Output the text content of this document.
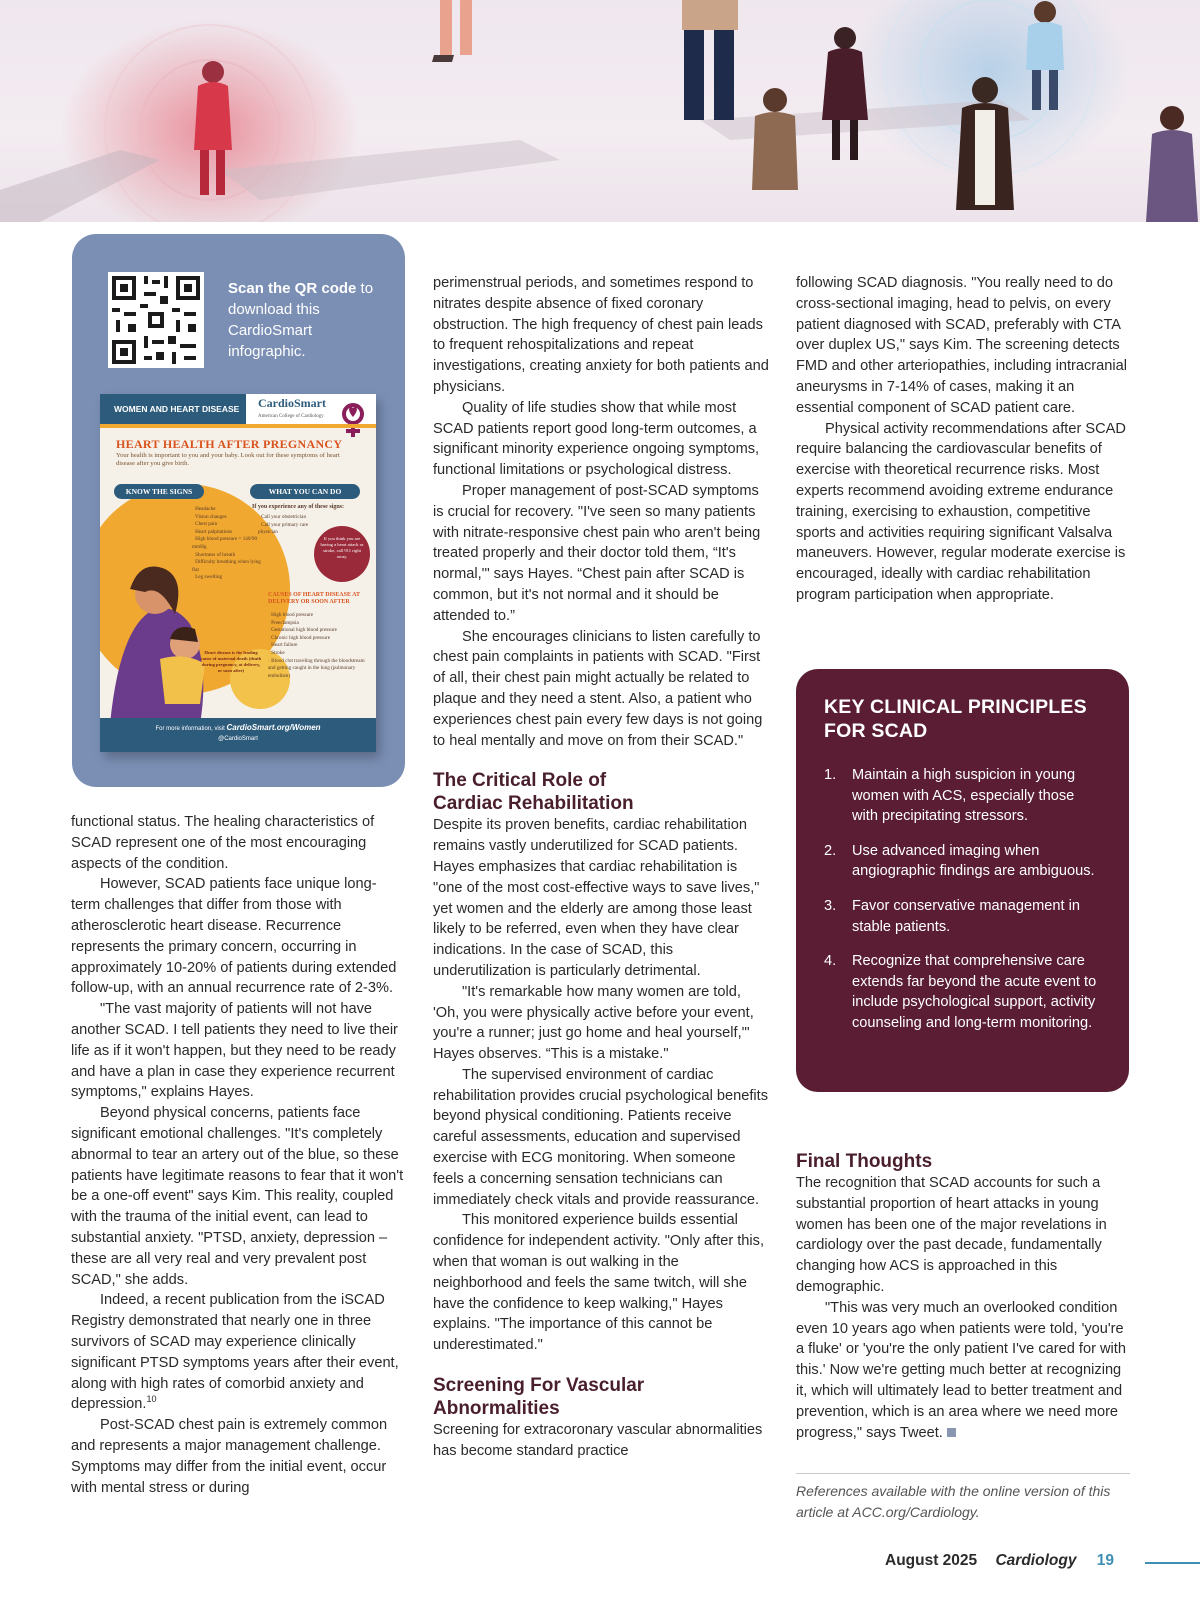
Scan the QR code to download this CardioSmart infographic.
WOMEN AND HEART DISEASE	CardioSmart
American College of Cardiology
HEART HEALTH AFTER PREGNANCY
Your health is important to you and your baby. Look out for these symptoms of heart disease after you give birth.
KNOW THE SIGNS
• Headache
• Vision changes
• Chest pain
• Heart palpitations
• High blood pressure = 140/90 mmHg
• Shortness of breath
• Difficulty breathing when lying flat
• Leg swelling
WHAT YOU CAN DO
If you experience any of these signs:
• Call your obstetrician
• Call your primary care physician
If you think you are having a heart attack or stroke, call 911 right away.
CAUSES OF HEART DISEASE AT DELIVERY OR SOON AFTER
• High blood pressure
• Preeclampsia
• Gestational high blood pressure
• Chronic high blood pressure
• Heart failure
• Stroke
• Blood clot traveling through the bloodstream and getting caught in the lung (pulmonary embolism)
Heart disease is the leading cause of maternal death (death during pregnancy, at delivery, or soon after)
For more information, visit CardioSmart.org/Women
@CardioSmart

functional status. The healing characteristics of SCAD represent one of the most encouraging aspects of the condition.

However, SCAD patients face unique long-term challenges that differ from those with atherosclerotic heart disease. Recurrence represents the primary concern, occurring in approximately 10-20% of patients during extended follow-up, with an annual recurrence rate of 2-3%.

"The vast majority of patients will not have another SCAD. I tell patients they need to live their life as if it won't happen, but they need to be ready and have a plan in case they experience recurrent symptoms," explains Hayes.

Beyond physical concerns, patients face significant emotional challenges. "It's completely abnormal to tear an artery out of the blue, so these patients have legitimate reasons to fear that it won't be a one-off event" says Kim. This reality, coupled with the trauma of the initial event, can lead to substantial anxiety. "PTSD, anxiety, depression – these are all very real and very prevalent post SCAD," she adds.

Indeed, a recent publication from the iSCAD Registry demonstrated that nearly one in three survivors of SCAD may experience clinically significant PTSD symptoms years after their event, along with high rates of comorbid anxiety and depression.$^{10}$

Post-SCAD chest pain is extremely common and represents a major management challenge. Symptoms may differ from the initial event, occur with mental stress or during

perimenstrual periods, and sometimes respond to nitrates despite absence of fixed coronary obstruction. The high frequency of chest pain leads to frequent rehospitalizations and repeat investigations, creating anxiety for both patients and physicians.

Quality of life studies show that while most SCAD patients report good long-term outcomes, a significant minority experience ongoing symptoms, functional limitations or psychological distress.

Proper management of post-SCAD symptoms is crucial for recovery. "I've seen so many patients with nitrate-responsive chest pain who aren't being treated properly and their doctor told them, “It's normal,'" says Hayes. “Chest pain after SCAD is common, but it's not normal and it should be attended to.”

She encourages clinicians to listen carefully to chest pain complaints in patients with SCAD. "First of all, their chest pain might actually be related to plaque and they need a stent. Also, a patient who experiences chest pain every few days is not going to heal mentally and move on from their SCAD."

The Critical Role of Cardiac Rehabilitation

Despite its proven benefits, cardiac rehabilitation remains vastly underutilized for SCAD patients. Hayes emphasizes that cardiac rehabilitation is "one of the most cost-effective ways to save lives," yet women and the elderly are among those least likely to be referred, even when they have clear indications. In the case of SCAD, this underutilization is particularly detrimental.

"It's remarkable how many women are told, 'Oh, you were physically active before your event, you're a runner; just go home and heal yourself,'" Hayes observes. “This is a mistake."

The supervised environment of cardiac rehabilitation provides crucial psychological benefits beyond physical conditioning. Patients receive careful assessments, education and supervised exercise with ECG monitoring. When someone feels a concerning sensation technicians can immediately check vitals and provide reassurance.

This monitored experience builds essential confidence for independent activity. "Only after this, when that woman is out walking in the neighborhood and feels the same twitch, will she have the confidence to keep walking," Hayes explains. "The importance of this cannot be underestimated."

Screening For Vascular Abnormalities

Screening for extracoronary vascular abnormalities has become standard practice

following SCAD diagnosis. "You really need to do cross-sectional imaging, head to pelvis, on every patient diagnosed with SCAD, preferably with CTA over duplex US," says Kim. The screening detects FMD and other arteriopathies, including intracranial aneurysms in 7-14% of cases, making it an essential component of SCAD patient care.

Physical activity recommendations after SCAD require balancing the cardiovascular benefits of exercise with theoretical recurrence risks. Most experts recommend avoiding extreme endurance training, exercising to exhaustion, competitive sports and activities requiring significant Valsalva maneuvers. However, regular moderate exercise is encouraged, ideally with cardiac rehabilitation program participation when appropriate.

KEY CLINICAL PRINCIPLES FOR SCAD
1. Maintain a high suspicion in young women with ACS, especially those with precipitating stressors.
2. Use advanced imaging when angiographic findings are ambiguous.
3. Favor conservative management in stable patients.
4. Recognize that comprehensive care extends far beyond the acute event to include psychological support, activity counseling and long-term monitoring.
Final Thoughts

The recognition that SCAD accounts for such a substantial proportion of heart attacks in young women has been one of the major revelations in cardiology over the past decade, fundamentally changing how ACS is approached in this demographic.

"This was very much an overlooked condition even 10 years ago when patients were told, 'you're a fluke' or 'you're the only patient I've cared for with this.' Now we're getting much better at recognizing it, which will ultimately lead to better treatment and prevention, which is an area where we need more progress," says Tweet.

References available with the online version of this article at ACC.org/Cardiology.
August 2025 Cardiology 19
